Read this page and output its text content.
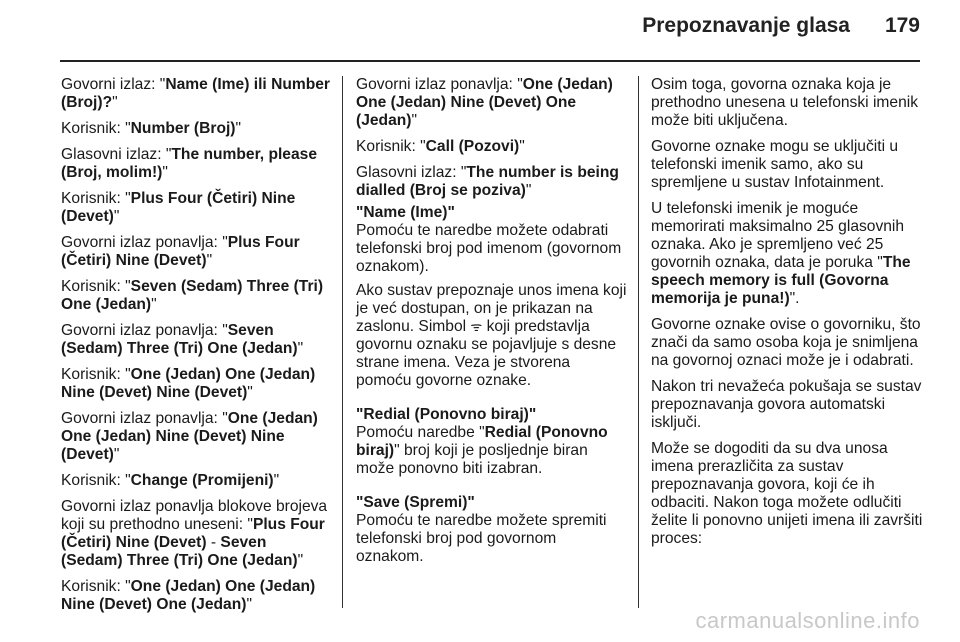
Prepoznavanje glasa 179

Govorni izlaz: "Name (Ime) ili Number (Broj)?"

Korisnik: "Number (Broj)"

Glasovni izlaz: "The number, please (Broj, molim!)"

Korisnik: "Plus Four (Četiri) Nine (Devet)"

Govorni izlaz ponavlja: "Plus Four (Četiri) Nine (Devet)"

Korisnik: "Seven (Sedam) Three (Tri) One (Jedan)"

Govorni izlaz ponavlja: "Seven (Sedam) Three (Tri) One (Jedan)"

Korisnik: "One (Jedan) One (Jedan) Nine (Devet) Nine (Devet)"

Govorni izlaz ponavlja: "One (Jedan) One (Jedan) Nine (Devet) Nine (Devet)"

Korisnik: "Change (Promijeni)"

Govorni izlaz ponavlja blokove brojeva koji su prethodno uneseni: "Plus Four (Četiri) Nine (Devet) - Seven (Sedam) Three (Tri) One (Jedan)"

Korisnik: "One (Jedan) One (Jedan) Nine (Devet) One (Jedan)"

Govorni izlaz ponavlja: "One (Jedan) One (Jedan) Nine (Devet) One (Jedan)"

Korisnik: "Call (Pozovi)"

Glasovni izlaz: "The number is being dialled (Broj se poziva)"

"Name (Ime)"
Pomoću te naredbe možete odabrati telefonski broj pod imenom (govornom oznakom).

Ako sustav prepoznaje unos imena koji je već dostupan, on je prikazan na zaslonu. Simbol ᯤ koji predstavlja govornu oznaku se pojavljuje s desne strane imena. Veza je stvorena pomoću govorne oznake.

"Redial (Ponovno biraj)"
Pomoću naredbe "Redial (Ponovno biraj)" broj koji je posljednje biran može ponovno biti izabran.

"Save (Spremi)"
Pomoću te naredbe možete spremiti telefonski broj pod govornom oznakom.

Osim toga, govorna oznaka koja je prethodno unesena u telefonski imenik može biti uključena.

Govorne oznake mogu se uključiti u telefonski imenik samo, ako su spremljene u sustav Infotainment.

U telefonski imenik je moguće memorirati maksimalno 25 glasovnih oznaka. Ako je spremljeno već 25 govornih oznaka, data je poruka "The speech memory is full (Govorna memorija je puna!)".

Govorne oznake ovise o govorniku, što znači da samo osoba koja je snimljena na govornoj oznaci može je i odabrati.

Nakon tri nevažeća pokušaja se sustav prepoznavanja govora automatski isključi.

Može se dogoditi da su dva unosa imena prerazličita za sustav prepoznavanja govora, koji će ih odbaciti. Nakon toga možete odlučiti želite li ponovno unijeti imena ili završiti proces:

carmanualsonline.info
